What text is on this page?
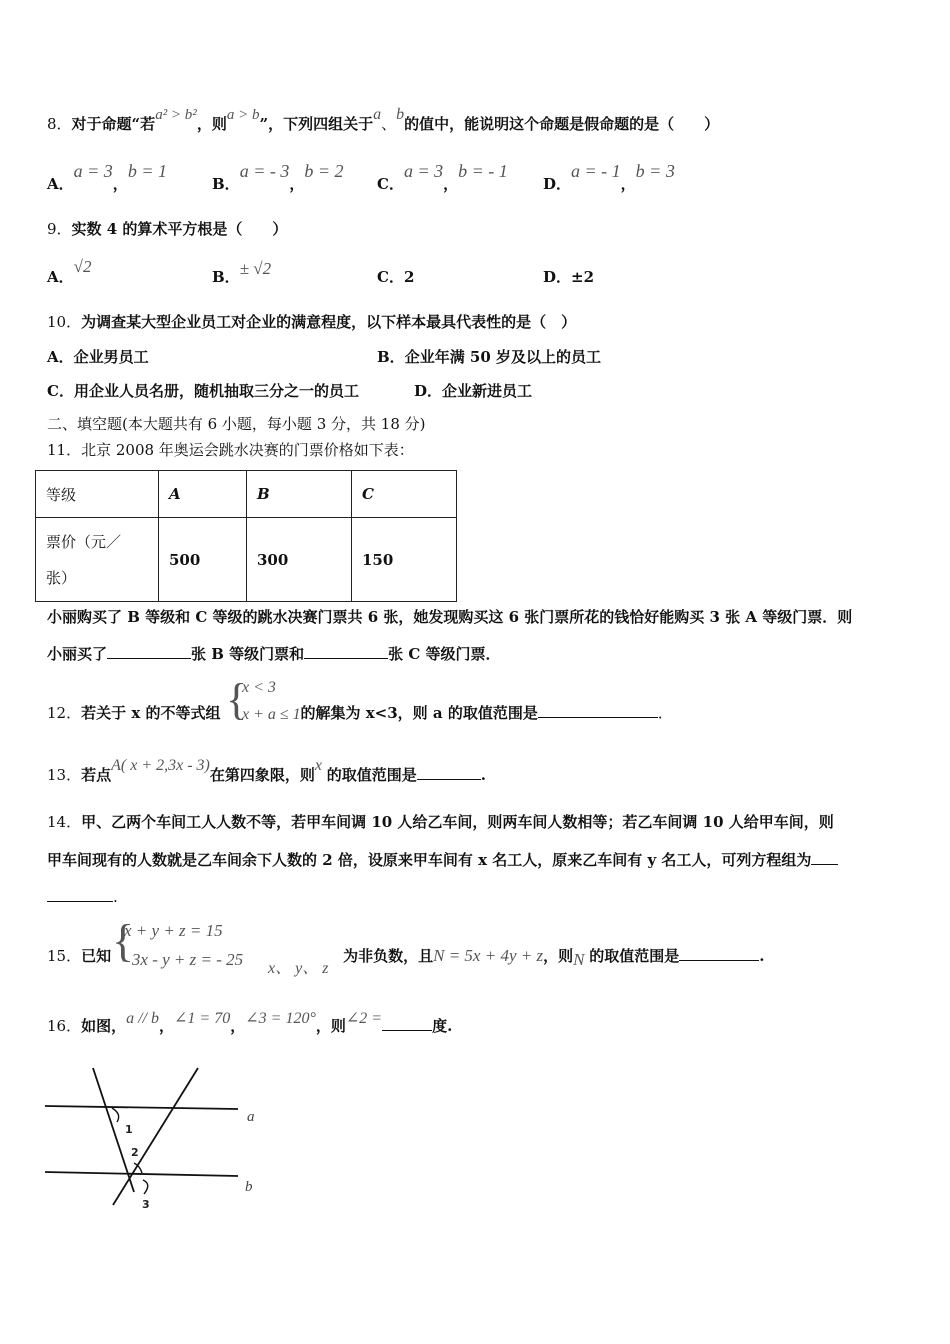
8．对于命题“若a² > b²，则a > b”，下列四组关于a、b的值中，能说明这个命题是假命题的是（　　）
A．a = 3，b = 1
B．a = - 3，b = 2
C．a = 3，b = - 1
D．a = - 1，b = 3
9．实数 4 的算术平方根是（　　）
A．√2
B．± √2	C．2	D．±2
10．为调查某大型企业员工对企业的满意程度，以下样本最具代表性的是（　）
A．企业男员工	B．企业年满 50 岁及以上的员工
C．用企业人员名册，随机抽取三分之一的员工	D．企业新进员工
二、填空题(本大题共有 6 小题，每小题 3 分，共 18 分)
11．北京 2008 年奥运会跳水决赛的门票价格如下表：
等级	A	B	C
票价（元／
张）	500	300	150
小丽购买了 B 等级和 C 等级的跳水决赛门票共 6 张，她发现购买这 6 张门票所花的钱恰好能购买 3 张 A 等级门票．则
小丽买了	张 B 等级门票和	张 C 等级门票．
{
x < 3
x + a ≤ 1
12．若关于 x 的不等式组	的解集为 x<3，则 a 的取值范围是	．
13．若点A( x + 2,3x - 3)在第四象限，则x 的取值范围是	.
14．甲、乙两个车间工人人数不等，若甲车间调 10 人给乙车间，则两车间人数相等；若乙车间调 10 人给甲车间，则
甲车间现有的人数就是乙车间余下人数的 2 倍，设原来甲车间有 x 名工人，原来乙车间有 y 名工人，可列方程组为
.
{
x + y + z = 15
- 3x - y + z = - 25 x、 y、 z
15．已知	为非负数，且N = 5x + 4y + z，则N 的取值范围是	.
16．如图，a // b，∠1 = 70，∠3 = 120°，则∠2 =	度.
a
b
1
2
3
